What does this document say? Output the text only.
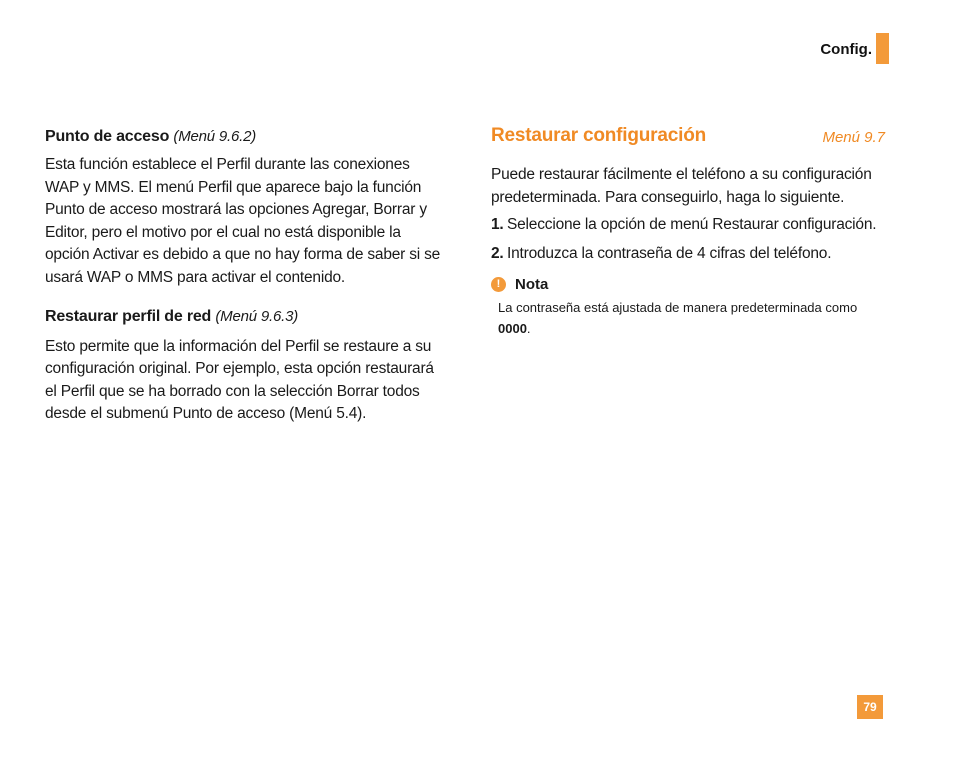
Config.

Punto de acceso (Menú 9.6.2)

Esta función establece el Perfil durante las conexiones WAP y MMS. El menú Perfil que aparece bajo la función Punto de acceso mostrará las opciones Agregar, Borrar y Editor, pero el motivo por el cual no está disponible la opción Activar es debido a que no hay forma de saber si se usará WAP o MMS para activar el contenido.

Restaurar perfil de red (Menú 9.6.3)

Esto permite que la información del Perfil se restaure a su configuración original. Por ejemplo, esta opción restaurará el Perfil que se ha borrado con la selección Borrar todos desde el submenú Punto de acceso (Menú 5.4).

Restaurar configuración	Menú 9.7

Puede restaurar fácilmente el teléfono a su configuración predeterminada. Para conseguirlo, haga lo siguiente.

1. Seleccione la opción de menú Restaurar configuración.
2. Introduzca la contraseña de 4 cifras del teléfono.
! Nota
La contraseña está ajustada de manera predeterminada como 0000.
79
